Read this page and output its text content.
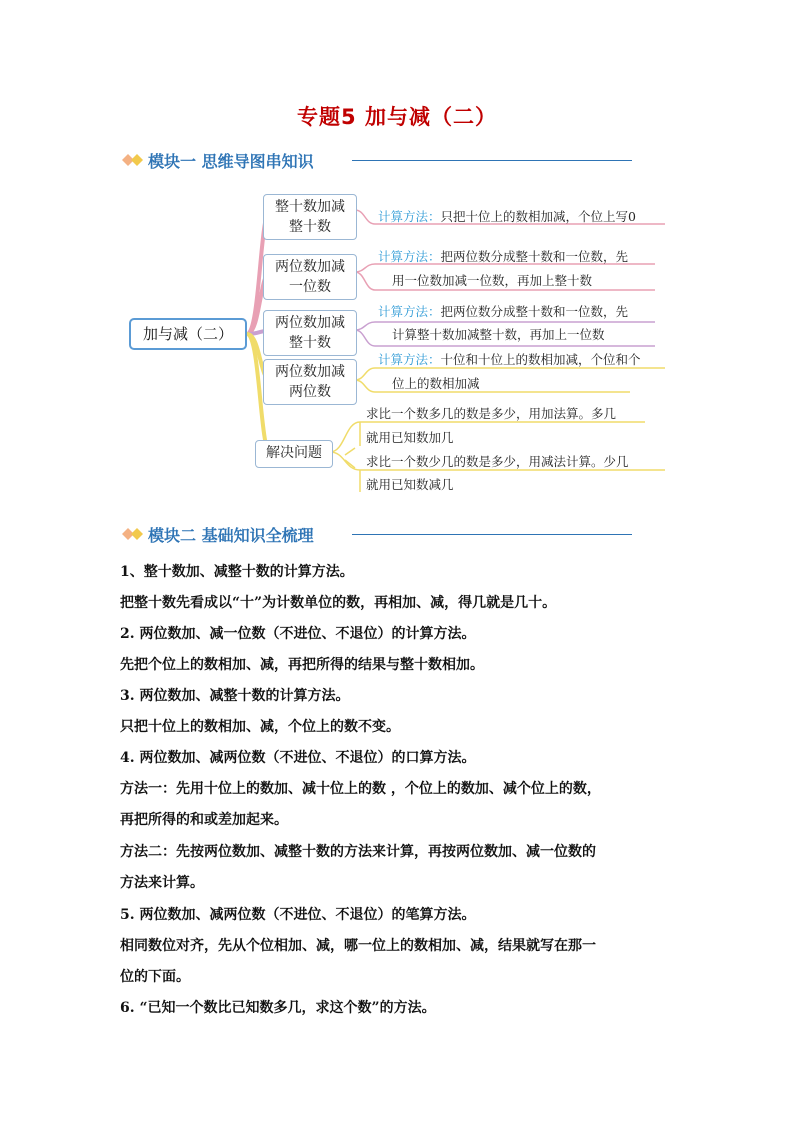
专题5 加与减（二）
模块一 思维导图串知识
加与减（二）
整十数加减
整十数
两位数加减
一位数
两位数加减
整十数
两位数加减
两位数
解决问题
计算方法：只把十位上的数相加减，个位上写0
计算方法：把两位数分成整十数和一位数，先
用一位数加减一位数，再加上整十数
计算方法：把两位数分成整十数和一位数，先
计算整十数加减整十数，再加上一位数
计算方法：十位和十位上的数相加减，个位和个
位上的数相加减
求比一个数多几的数是多少，用加法算。多几
就用已知数加几
求比一个数少几的数是多少，用减法计算。少几
就用已知数减几
模块二 基础知识全梳理
1、整十数加、减整十数的计算方法。
把整十数先看成以“十”为计数单位的数，再相加、减，得几就是几十。
2. 两位数加、减一位数（不进位、不退位）的计算方法。
先把个位上的数相加、减，再把所得的结果与整十数相加。
3. 两位数加、减整十数的计算方法。
只把十位上的数相加、减，个位上的数不变。
4. 两位数加、减两位数（不进位、不退位）的口算方法。
方法一：先用十位上的数加、减十位上的数 ，个位上的数加、减个位上的数，
再把所得的和或差加起来。
方法二：先按两位数加、减整十数的方法来计算，再按两位数加、减一位数的
方法来计算。
5. 两位数加、减两位数（不进位、不退位）的笔算方法。
相同数位对齐，先从个位相加、减，哪一位上的数相加、减，结果就写在那一
位的下面。
6. “已知一个数比已知数多几，求这个数”的方法。
